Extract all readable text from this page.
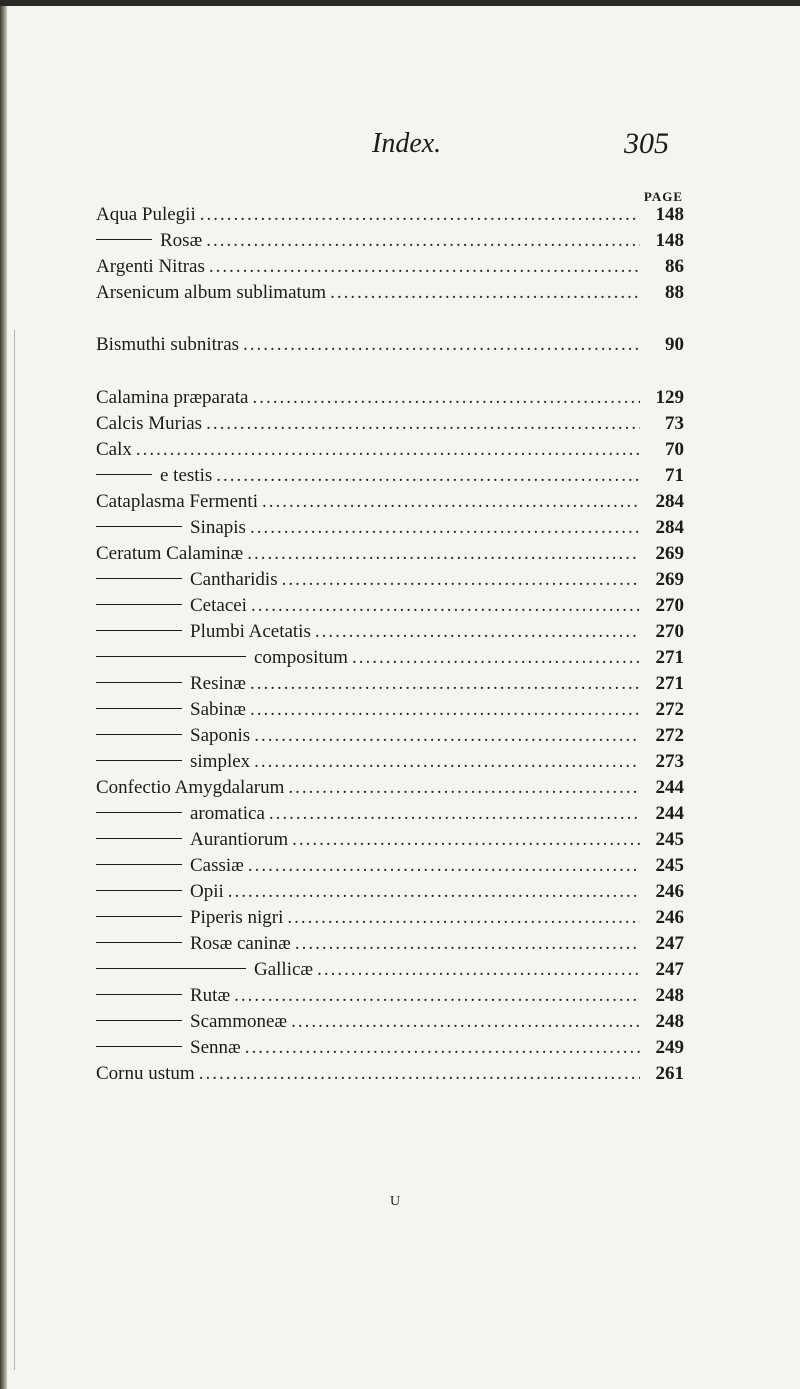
Index.	305
PAGE
Aqua Pulegii .....	148
Rosæ .....	148
Argenti Nitras .....	86
Arsenicum album sublimatum .....	88
Bismuthi subnitras .....	90
Calamina præparata .....	129
Calcis Murias .....	73
Calx .....	70
e testis .....	71
Cataplasma Fermenti .....	284
Sinapis .....	284
Ceratum Calaminæ .....	269
Cantharidis .....	269
Cetacei .....	270
Plumbi Acetatis .....	270
compositum .....	271
Resinæ .....	271
Sabinæ .....	272
Saponis .....	272
simplex .....	273
Confectio Amygdalarum .....	244
aromatica .....	244
Aurantiorum .....	245
Cassiæ .....	245
Opii .....	246
Piperis nigri .....	246
Rosæ caninæ .....	247
Gallicæ .....	247
Rutæ .....	248
Scammoneæ .....	248
Sennæ .....	249
Cornu ustum .....	261
U
